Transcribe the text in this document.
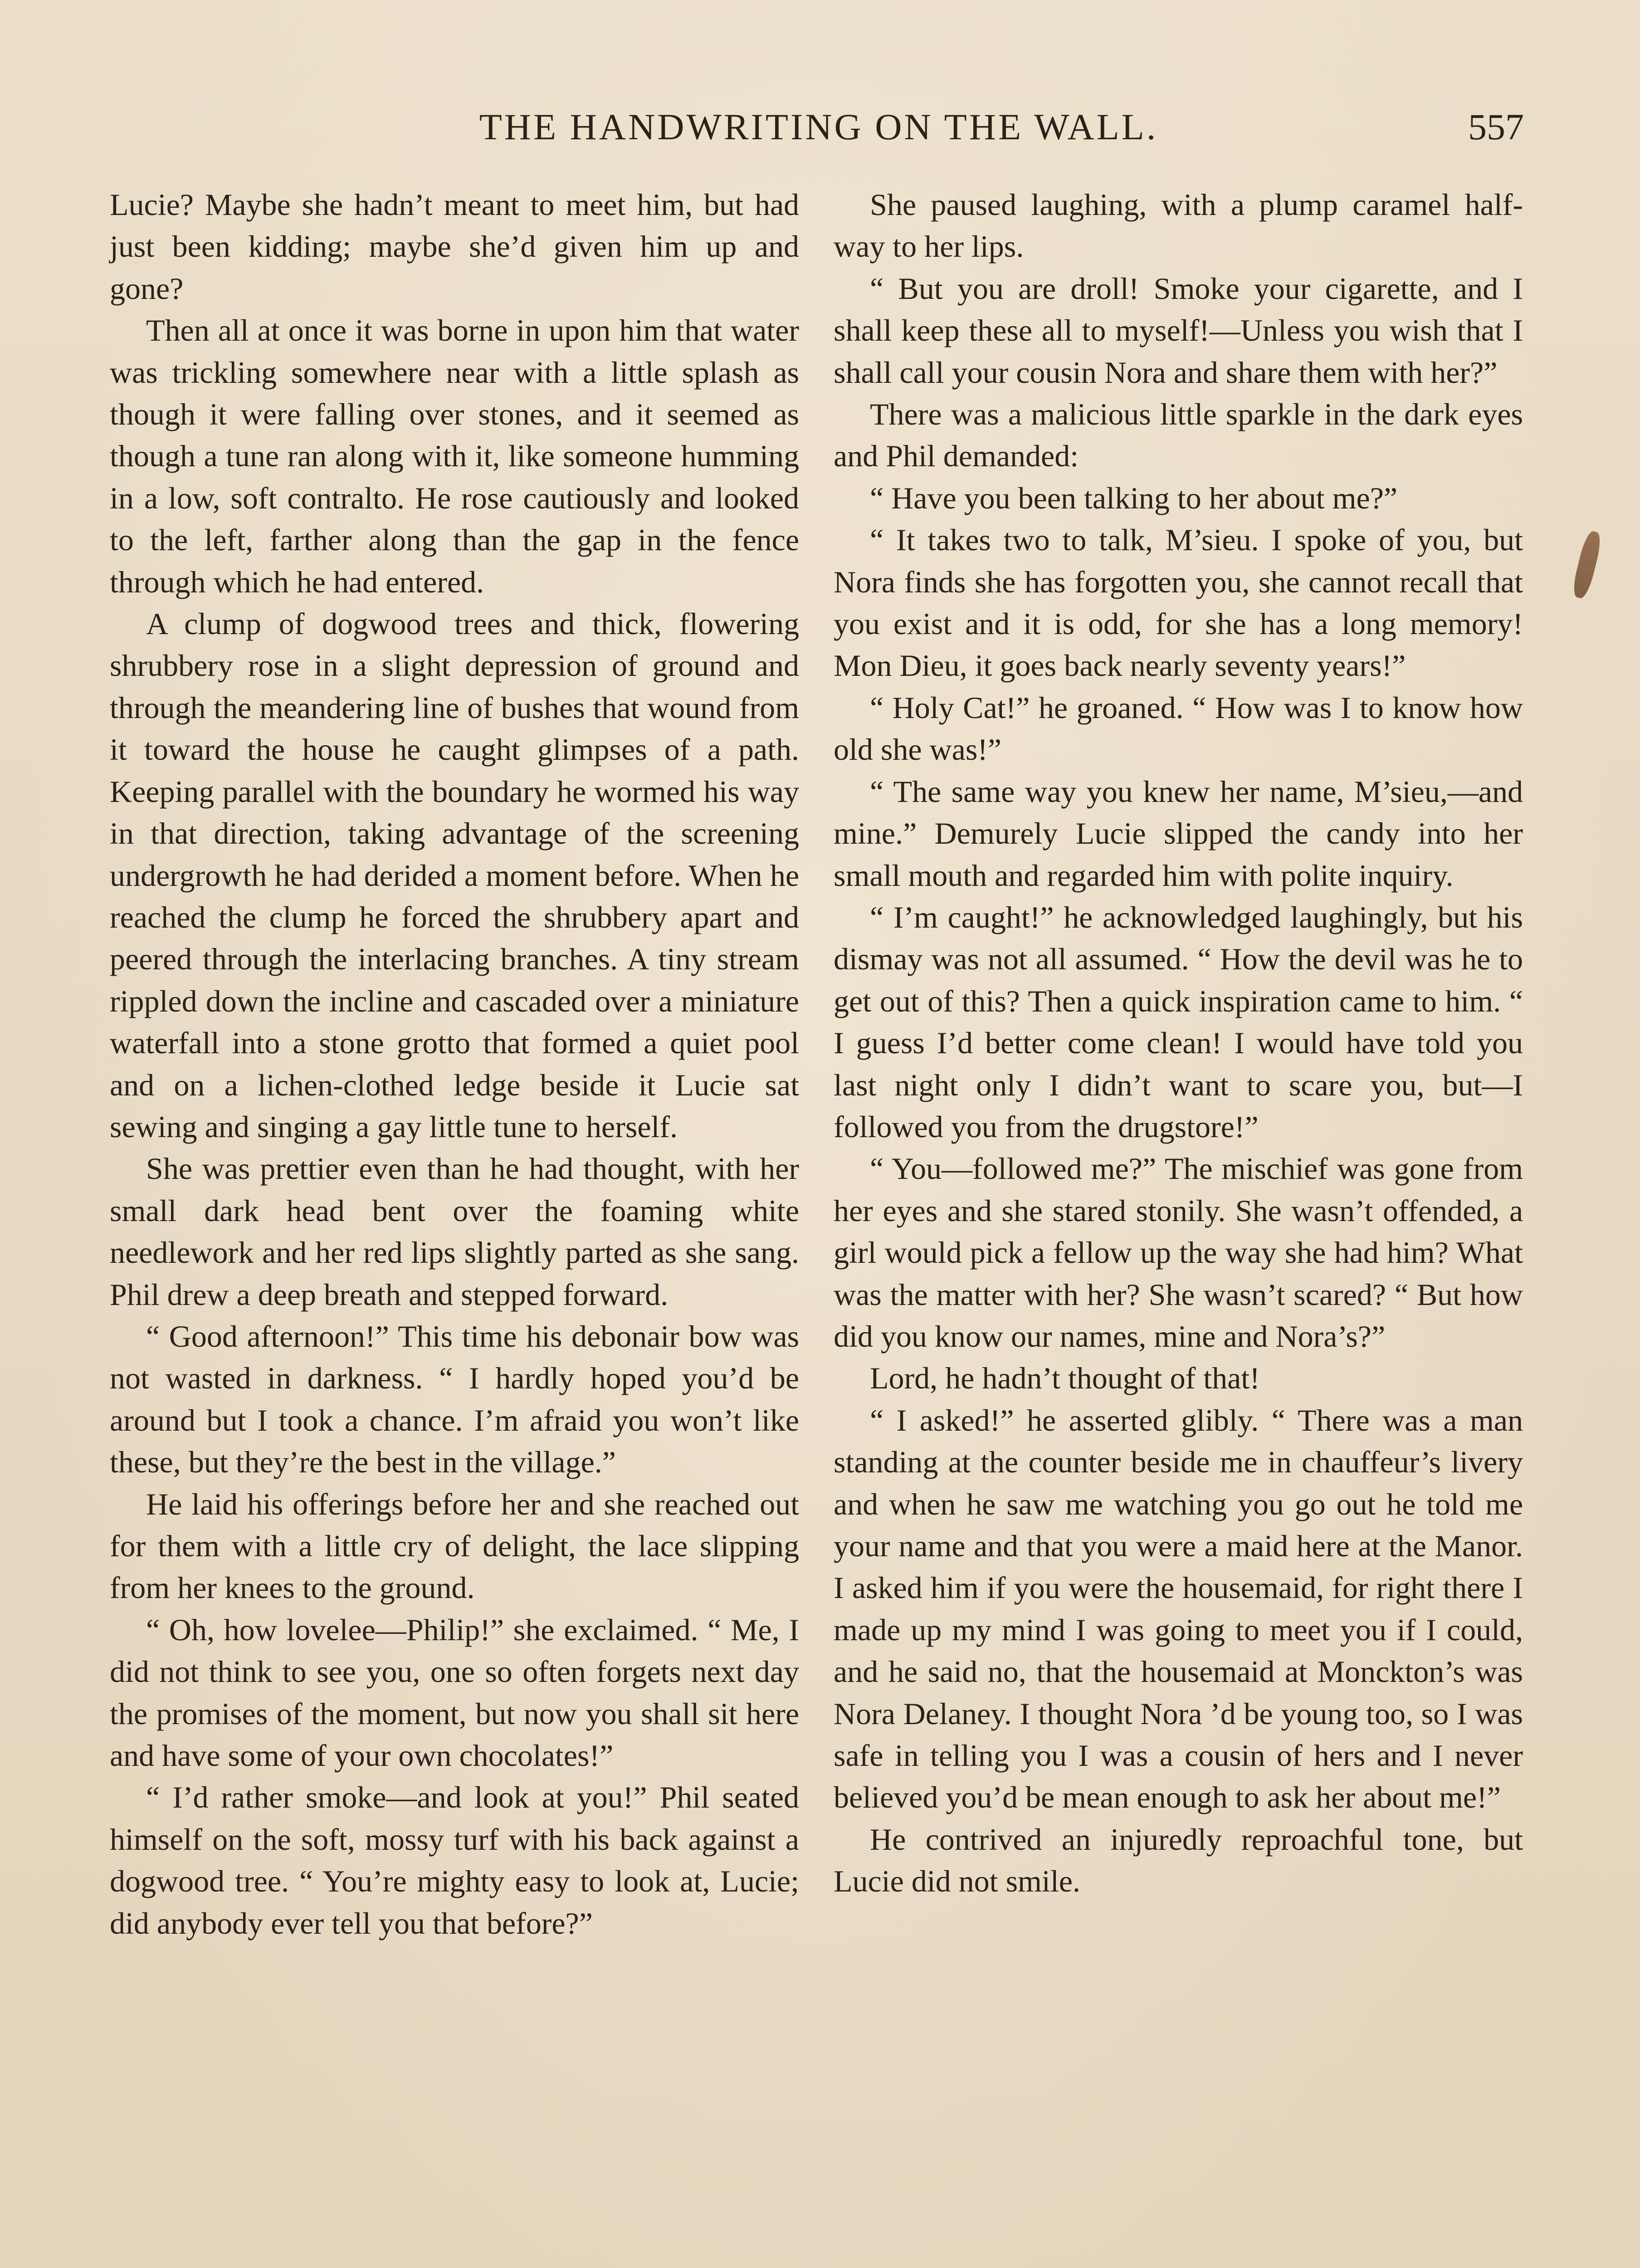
THE HANDWRITING ON THE WALL.	557

Lucie? Maybe she hadn’t meant to meet him, but had just been kidding; maybe she’d given him up and gone?

Then all at once it was borne in upon him that water was trickling somewhere near with a little splash as though it were falling over stones, and it seemed as though a tune ran along with it, like someone humming in a low, soft contralto. He rose cautiously and looked to the left, farther along than the gap in the fence through which he had entered.

A clump of dogwood trees and thick, flowering shrubbery rose in a slight depression of ground and through the meandering line of bushes that wound from it toward the house he caught glimpses of a path. Keeping parallel with the boundary he wormed his way in that direction, taking advantage of the screening undergrowth he had derided a moment before. When he reached the clump he forced the shrubbery apart and peered through the interlacing branches. A tiny stream rippled down the incline and cascaded over a miniature waterfall into a stone grotto that formed a quiet pool and on a lichen-clothed ledge beside it Lucie sat sewing and singing a gay little tune to herself.

She was prettier even than he had thought, with her small dark head bent over the foaming white needlework and her red lips slightly parted as she sang. Phil drew a deep breath and stepped forward.

“ Good afternoon!” This time his debonair bow was not wasted in darkness. “ I hardly hoped you’d be around but I took a chance. I’m afraid you won’t like these, but they’re the best in the village.”

He laid his offerings before her and she reached out for them with a little cry of delight, the lace slipping from her knees to the ground.

“ Oh, how lovelee—Philip!” she exclaimed. “ Me, I did not think to see you, one so often forgets next day the promises of the moment, but now you shall sit here and have some of your own chocolates!”

“ I’d rather smoke—and look at you!” Phil seated himself on the soft, mossy turf with his back against a dogwood tree. “ You’re mighty easy to look at, Lucie; did anybody ever tell you that before?”

She paused laughing, with a plump caramel half-way to her lips.

“ But you are droll! Smoke your cigarette, and I shall keep these all to myself!—Unless you wish that I shall call your cousin Nora and share them with her?”

There was a malicious little sparkle in the dark eyes and Phil demanded:

“ Have you been talking to her about me?”

“ It takes two to talk, M’sieu. I spoke of you, but Nora finds she has forgotten you, she cannot recall that you exist and it is odd, for she has a long memory! Mon Dieu, it goes back nearly seventy years!”

“ Holy Cat!” he groaned. “ How was I to know how old she was!”

“ The same way you knew her name, M’sieu,—and mine.” Demurely Lucie slipped the candy into her small mouth and regarded him with polite inquiry.

“ I’m caught!” he acknowledged laughingly, but his dismay was not all assumed. “ How the devil was he to get out of this? Then a quick inspiration came to him. “ I guess I’d better come clean! I would have told you last night only I didn’t want to scare you, but—I followed you from the drugstore!”

“ You—followed me?” The mischief was gone from her eyes and she stared stonily. She wasn’t offended, a girl would pick a fellow up the way she had him? What was the matter with her? She wasn’t scared? “ But how did you know our names, mine and Nora’s?”

Lord, he hadn’t thought of that!

“ I asked!” he asserted glibly. “ There was a man standing at the counter beside me in chauffeur’s livery and when he saw me watching you go out he told me your name and that you were a maid here at the Manor. I asked him if you were the housemaid, for right there I made up my mind I was going to meet you if I could, and he said no, that the housemaid at Monckton’s was Nora Delaney. I thought Nora ’d be young too, so I was safe in telling you I was a cousin of hers and I never believed you’d be mean enough to ask her about me!”

He contrived an injuredly reproachful tone, but Lucie did not smile.
